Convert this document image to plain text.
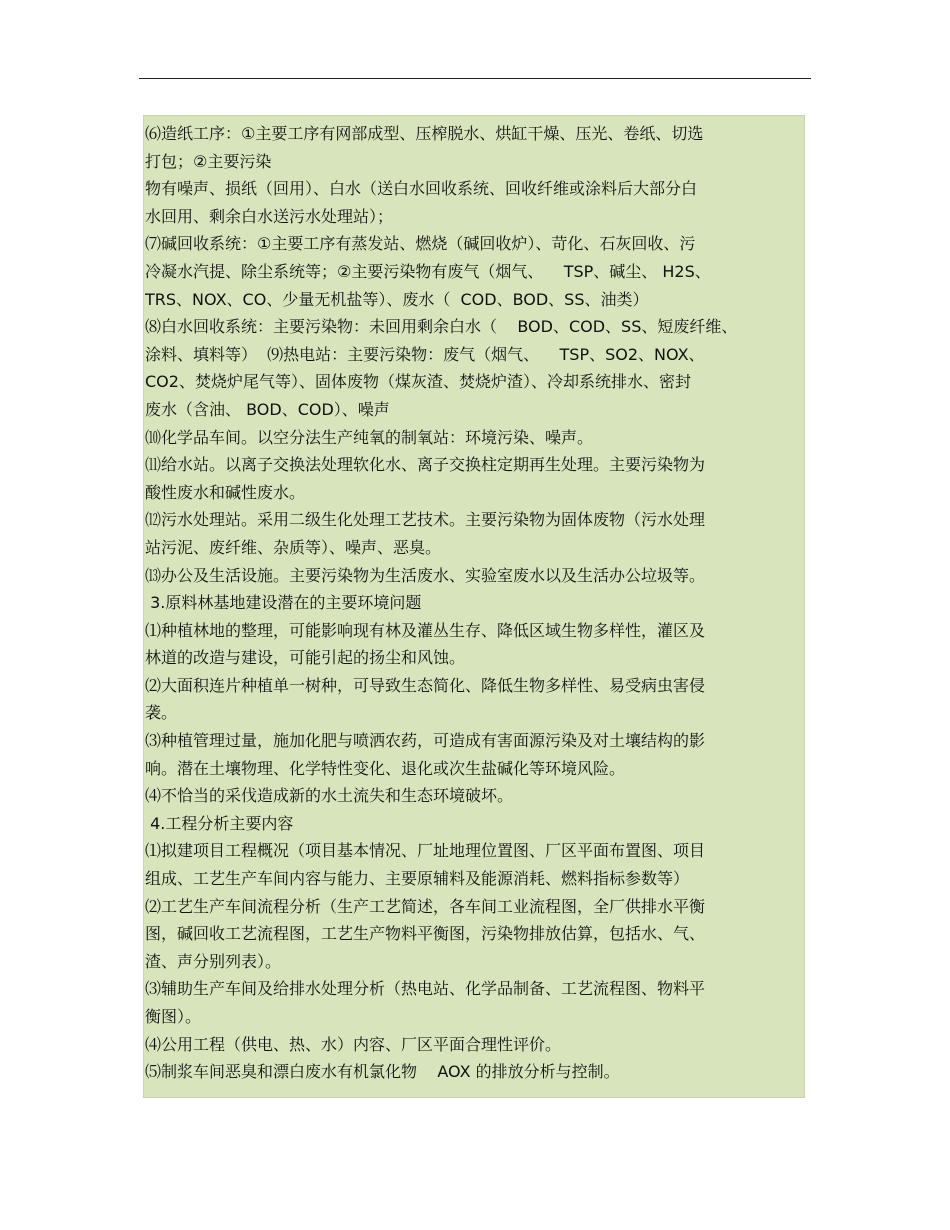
⑹造纸工序：①主要工序有网部成型、压榨脱水、烘缸干燥、压光、卷纸、切选
打包；②主要污染
物有噪声、损纸（回用）、白水（送白水回收系统、回收纤维或涂料后大部分白
水回用、剩余白水送污水处理站）；
⑺碱回收系统：①主要工序有蒸发站、燃烧（碱回收炉）、苛化、石灰回收、污
冷凝水汽提、除尘系统等；②主要污染物有废气（烟气、    TSP、碱尘、 H2S、
TRS、NOX、CO、少量无机盐等）、废水（  COD、BOD、SS、油类）
⑻白水回收系统：主要污染物：未回用剩余白水（    BOD、COD、SS、短废纤维、
涂料、填料等）  ⑼热电站：主要污染物：废气（烟气、    TSP、SO2、NOX、
CO2、焚烧炉尾气等）、固体废物（煤灰渣、焚烧炉渣）、冷却系统排水、密封
废水（含油、 BOD、COD）、噪声
⑽化学品车间。以空分法生产纯氧的制氧站：环境污染、噪声。
⑾给水站。以离子交换法处理软化水、离子交换柱定期再生处理。主要污染物为
酸性废水和碱性废水。
⑿污水处理站。采用二级生化处理工艺技术。主要污染物为固体废物（污水处理
站污泥、废纤维、杂质等）、噪声、恶臭。
⒀办公及生活设施。主要污染物为生活废水、实验室废水以及生活办公垃圾等。
3.原料林基地建设潜在的主要环境问题
⑴种植林地的整理，可能影响现有林及灌丛生存、降低区域生物多样性，灌区及
林道的改造与建设，可能引起的扬尘和风蚀。
⑵大面积连片种植单一树种，可导致生态简化、降低生物多样性、易受病虫害侵
袭。
⑶种植管理过量，施加化肥与喷洒农药，可造成有害面源污染及对土壤结构的影
响。潜在土壤物理、化学特性变化、退化或次生盐碱化等环境风险。
⑷不恰当的采伐造成新的水土流失和生态环境破坏。
4.工程分析主要内容
⑴拟建项目工程概况（项目基本情况、厂址地理位置图、厂区平面布置图、项目
组成、工艺生产车间内容与能力、主要原辅料及能源消耗、燃料指标参数等）
⑵工艺生产车间流程分析（生产工艺简述，各车间工业流程图，全厂供排水平衡
图，碱回收工艺流程图，工艺生产物料平衡图，污染物排放估算，包括水、气、
渣、声分别列表）。
⑶辅助生产车间及给排水处理分析（热电站、化学品制备、工艺流程图、物料平
衡图）。
⑷公用工程（供电、热、水）内容、厂区平面合理性评价。
⑸制浆车间恶臭和漂白废水有机氯化物    AOX 的排放分析与控制。
